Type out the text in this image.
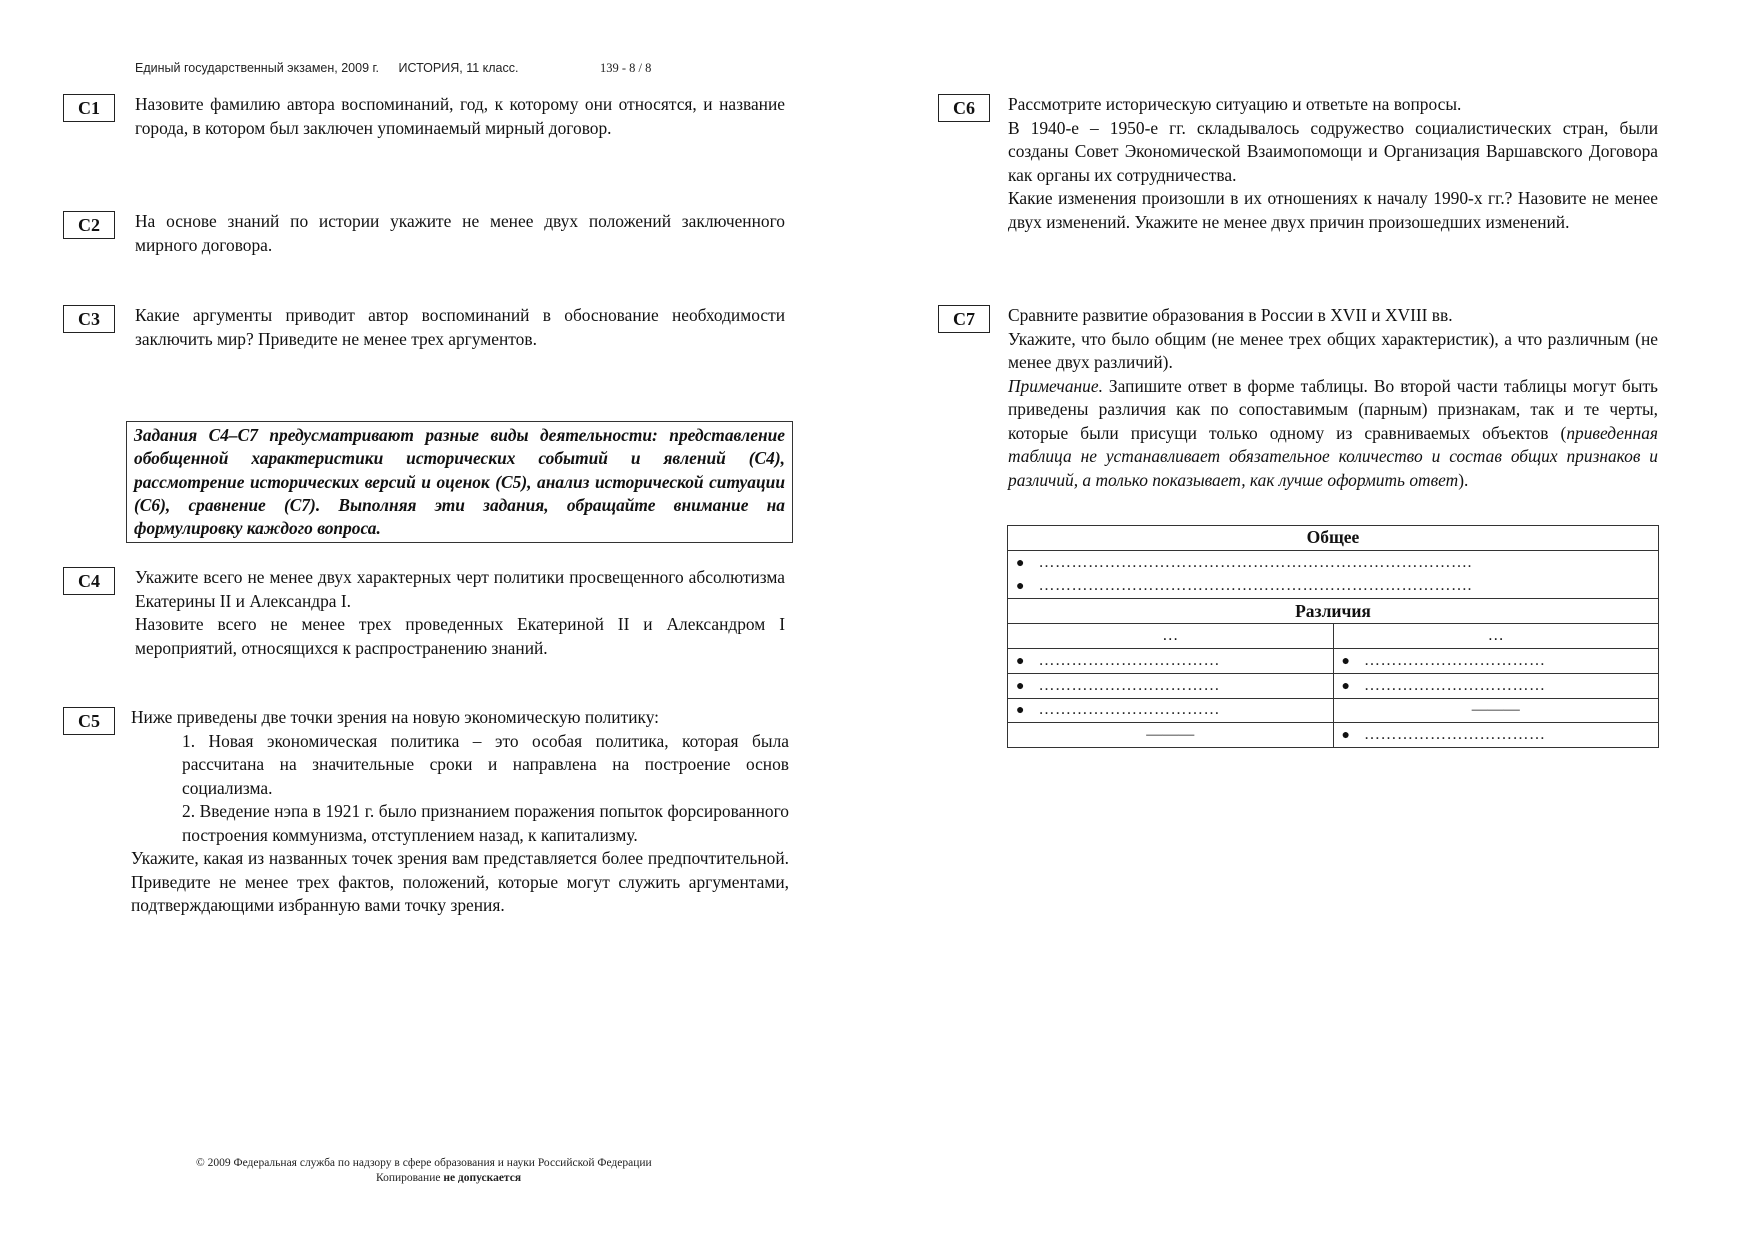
Единый государственный экзамен, 2009 г. ИСТОРИЯ, 11 класс.	139 - 8 / 8
С1	Назовите фамилию автора воспоминаний, год, к которому они относятся, и название города, в котором был заключен упоминаемый мирный договор.

С2	На основе знаний по истории укажите не менее двух положений заключенного мирного договора.

С3	Какие аргументы приводит автор воспоминаний в обоснование необходимости заключить мир? Приведите не менее трех аргументов.

Задания С4–С7 предусматривают разные виды деятельности: представление обобщенной характеристики исторических событий и явлений (С4), рассмотрение исторических версий и оценок (С5), анализ исторической ситуации (С6), сравнение (С7). Выполняя эти задания, обращайте внимание на формулировку каждого вопроса.
С4	Укажите всего не менее двух характерных черт политики просвещенного абсолютизма Екатерины II и Александра I.

Назовите всего не менее трех проведенных Екатериной II и Александром I мероприятий, относящихся к распространению знаний.

С5	Ниже приведены две точки зрения на новую экономическую политику:

1. Новая экономическая политика – это особая политика, которая была рассчитана на значительные сроки и направлена на построение основ социализма.

2. Введение нэпа в 1921 г. было признанием поражения попыток форсированного построения коммунизма, отступлением назад, к капитализму.

Укажите, какая из названных точек зрения вам представляется более предпочтительной. Приведите не менее трех фактов, положений, которые могут служить аргументами, подтверждающими избранную вами точку зрения.

С6	Рассмотрите историческую ситуацию и ответьте на вопросы.

В 1940-е – 1950-е гг. складывалось содружество социалистических стран, были созданы Совет Экономической Взаимопомощи и Организация Варшавского Договора как органы их сотрудничества.

Какие изменения произошли в их отношениях к началу 1990-х гг.? Назовите не менее двух изменений. Укажите не менее двух причин произошедших изменений.

С7	Сравните развитие образования в России в XVII и XVIII вв.

Укажите, что было общим (не менее трех общих характеристик), а что различным (не менее двух различий).

Примечание. Запишите ответ в форме таблицы. Во второй части таблицы могут быть приведены различия как по сопоставимым (парным) признакам, так и те черты, которые были присущи только одному из сравниваемых объектов (приведенная таблица не устанавливает обязательное количество и состав общих признаков и различий, а только показывает, как лучше оформить ответ).

Общее	
● …………………………………………………………………….	
● …………………………………………………………………….	
Различия	
…	…
● ……………………………	● ……………………………
● ……………………………	● ……………………………
● ……………………………	———
———	● ……………………………
© 2009 Федеральная служба по надзору в сфере образования и науки Российской Федерации
Копирование не допускается
